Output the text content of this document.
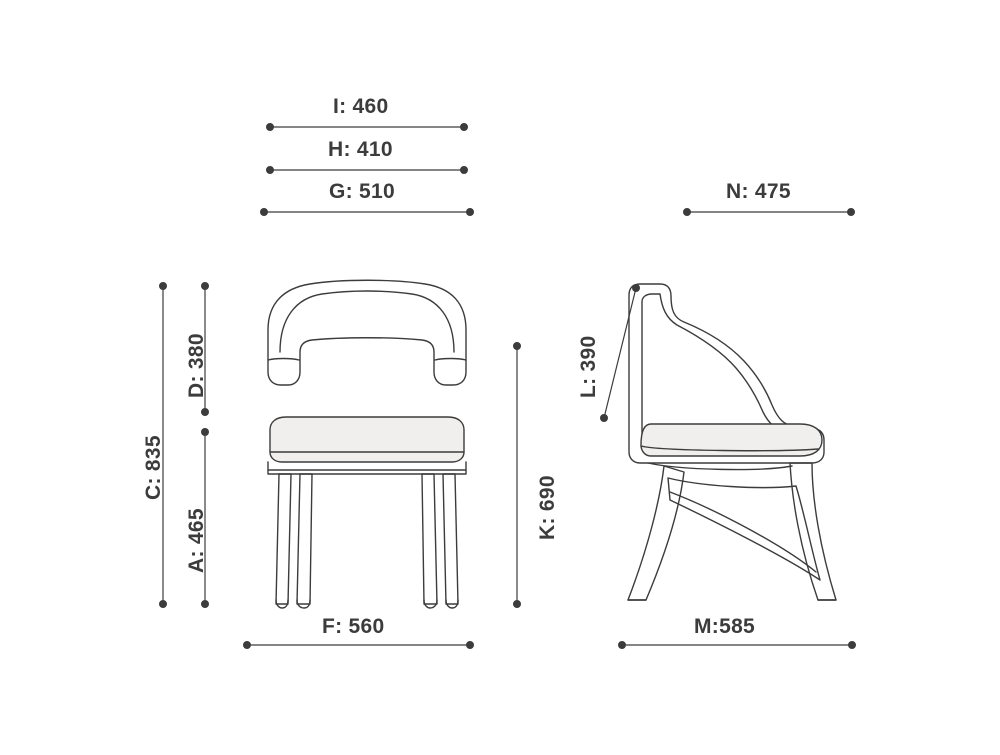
I: 460
H: 410
G: 510	N: 475
F: 560	M:585
C: 835
D: 380
A: 465
K: 690
L: 390
